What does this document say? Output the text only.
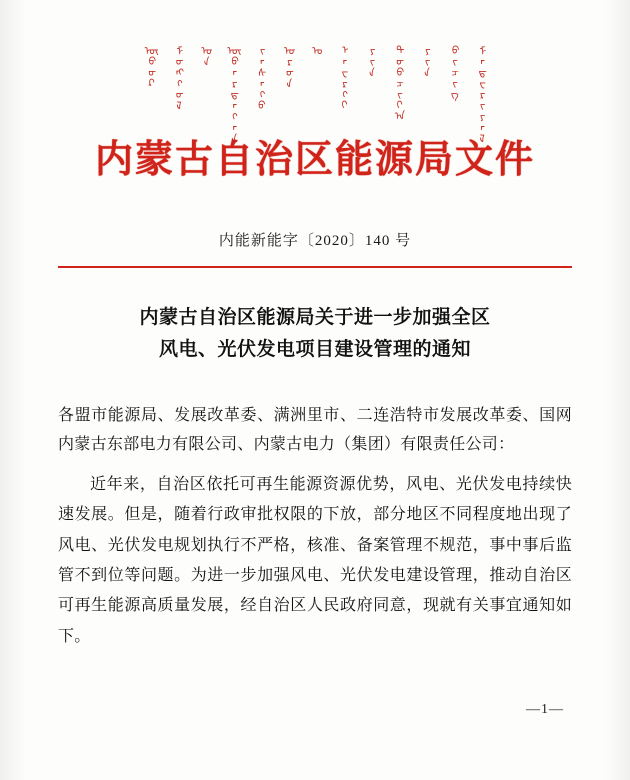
ᠦᠪᠦᠷ ᠮᠣᠩᠭᠤᠯ ᠤᠨ ᠥᠪᠡᠷᠲᠡᠭᠡᠨ ᠵᠠᠰᠠᠬᠤ ᠤᠷᠤᠨ ᠤ ᠡᠨᠧᠷᠭᠢ ᠶᠢᠨ ᠲᠣᠪᠴᠢᠶ᠎ᠠ ᠶᠢᠨ ᠪᠢᠴᠢᠭ ᠮᠠᠲ᠋ᠧᠷᠢᠶᠠᠯ
内蒙古自治区能源局文件
内能新能字〔2020〕140 号
内蒙古自治区能源局关于进一步加强全区
风电、光伏发电项目建设管理的通知
各盟市能源局、发展改革委、满洲里市、二连浩特市发展改革委、国网内蒙古东部电力有限公司、内蒙古电力（集团）有限责任公司：
近年来，自治区依托可再生能源资源优势，风电、光伏发电持续快速发展。但是，随着行政审批权限的下放，部分地区不同程度地出现了风电、光伏发电规划执行不严格，核准、备案管理不规范，事中事后监管不到位等问题。为进一步加强风电、光伏发电建设管理，推动自治区可再生能源高质量发展，经自治区人民政府同意，现就有关事宜通知如下。
—1—
